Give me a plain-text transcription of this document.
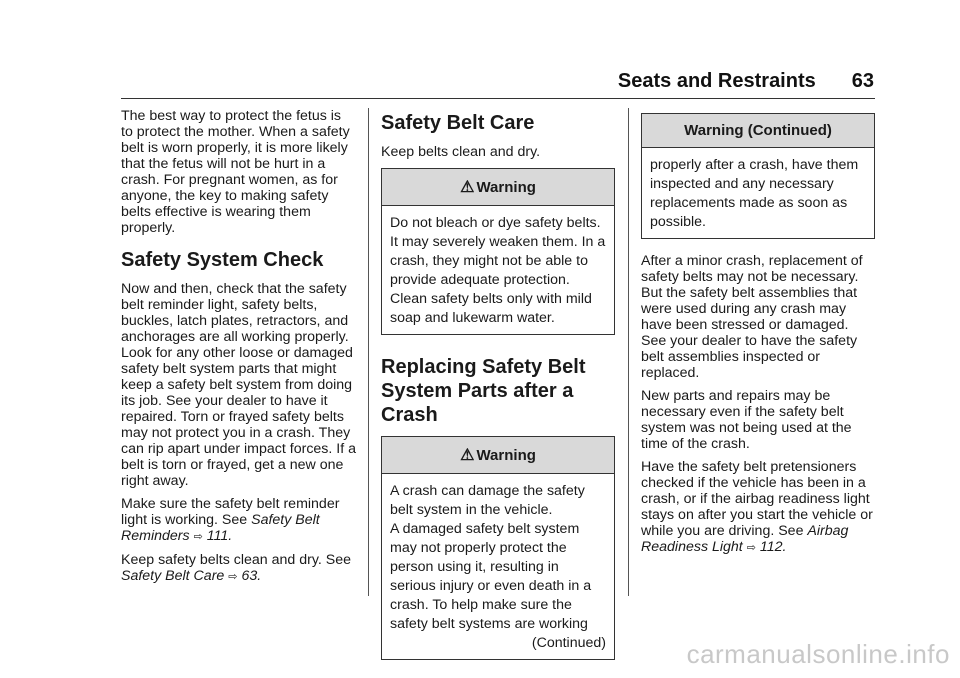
Seats and Restraints 63

The best way to protect the fetus is to protect the mother. When a safety belt is worn properly, it is more likely that the fetus will not be hurt in a crash. For pregnant women, as for anyone, the key to making safety belts effective is wearing them properly.

Safety System Check

Now and then, check that the safety belt reminder light, safety belts, buckles, latch plates, retractors, and anchorages are all working properly. Look for any other loose or damaged safety belt system parts that might keep a safety belt system from doing its job. See your dealer to have it repaired. Torn or frayed safety belts may not protect you in a crash. They can rip apart under impact forces. If a belt is torn or frayed, get a new one right away.

Make sure the safety belt reminder light is working. See Safety Belt Reminders ⇨ 111.

Keep safety belts clean and dry. See Safety Belt Care ⇨ 63.

Safety Belt Care

Keep belts clean and dry.

⚠ Warning

Do not bleach or dye safety belts. It may severely weaken them. In a crash, they might not be able to provide adequate protection. Clean safety belts only with mild soap and lukewarm water.

Replacing Safety Belt System Parts after a Crash
⚠ Warning

A crash can damage the safety belt system in the vehicle.

A damaged safety belt system may not properly protect the person using it, resulting in serious injury or even death in a crash. To help make sure the safety belt systems are working

(Continued)

Warning (Continued)

properly after a crash, have them inspected and any necessary replacements made as soon as possible.

After a minor crash, replacement of safety belts may not be necessary. But the safety belt assemblies that were used during any crash may have been stressed or damaged. See your dealer to have the safety belt assemblies inspected or replaced.

New parts and repairs may be necessary even if the safety belt system was not being used at the time of the crash.

Have the safety belt pretensioners checked if the vehicle has been in a crash, or if the airbag readiness light stays on after you start the vehicle or while you are driving. See Airbag Readiness Light ⇨ 112.

carmanualsonline.info
